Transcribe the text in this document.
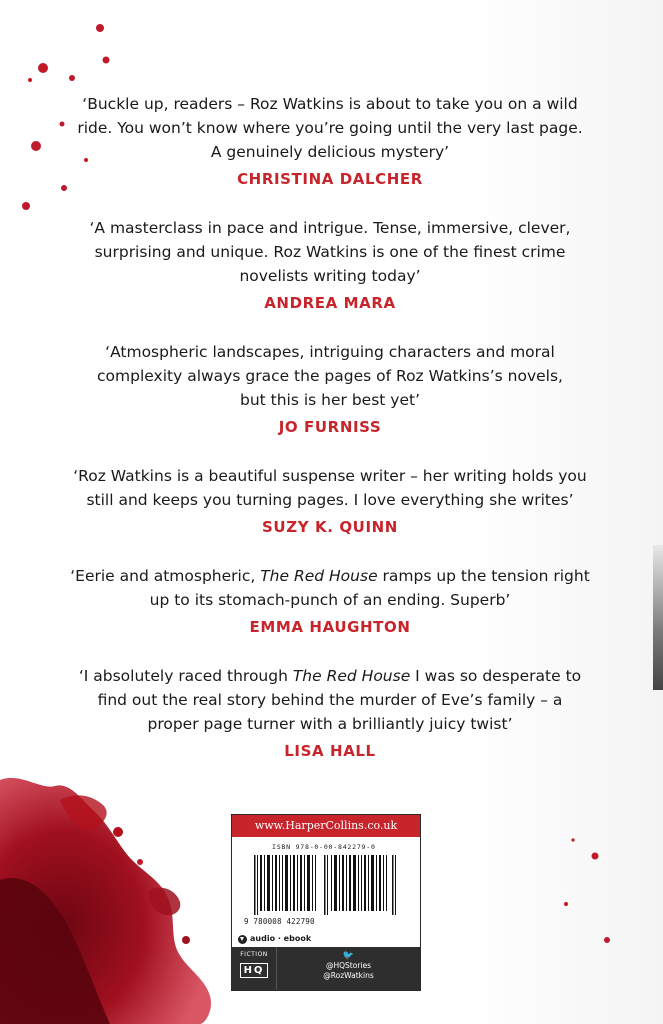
‘Buckle up, readers – Roz Watkins is about to take you on a wild
ride. You won’t know where you’re going until the very last page.
A genuinely delicious mystery’

CHRISTINA DALCHER

‘A masterclass in pace and intrigue. Tense, immersive, clever,
surprising and unique. Roz Watkins is one of the finest crime
novelists writing today’

ANDREA MARA

‘Atmospheric landscapes, intriguing characters and moral
complexity always grace the pages of Roz Watkins’s novels,
but this is her best yet’

JO FURNISS

‘Roz Watkins is a beautiful suspense writer – her writing holds you
still and keeps you turning pages. I love everything she writes’

SUZY K. QUINN

‘Eerie and atmospheric, The Red House ramps up the tension right
up to its stomach-punch of an ending. Superb’

EMMA HAUGHTON

‘I absolutely raced through The Red House I was so desperate to
find out the real story behind the murder of Eve’s family – a
proper page turner with a brilliantly juicy twist’

LISA HALL
www.HarperCollins.co.uk
ISBN 978-0-00-842279-0
9 780008 422790
audio · ebook
FICTION
HQ
🐦
@HQStories
@RozWatkins
